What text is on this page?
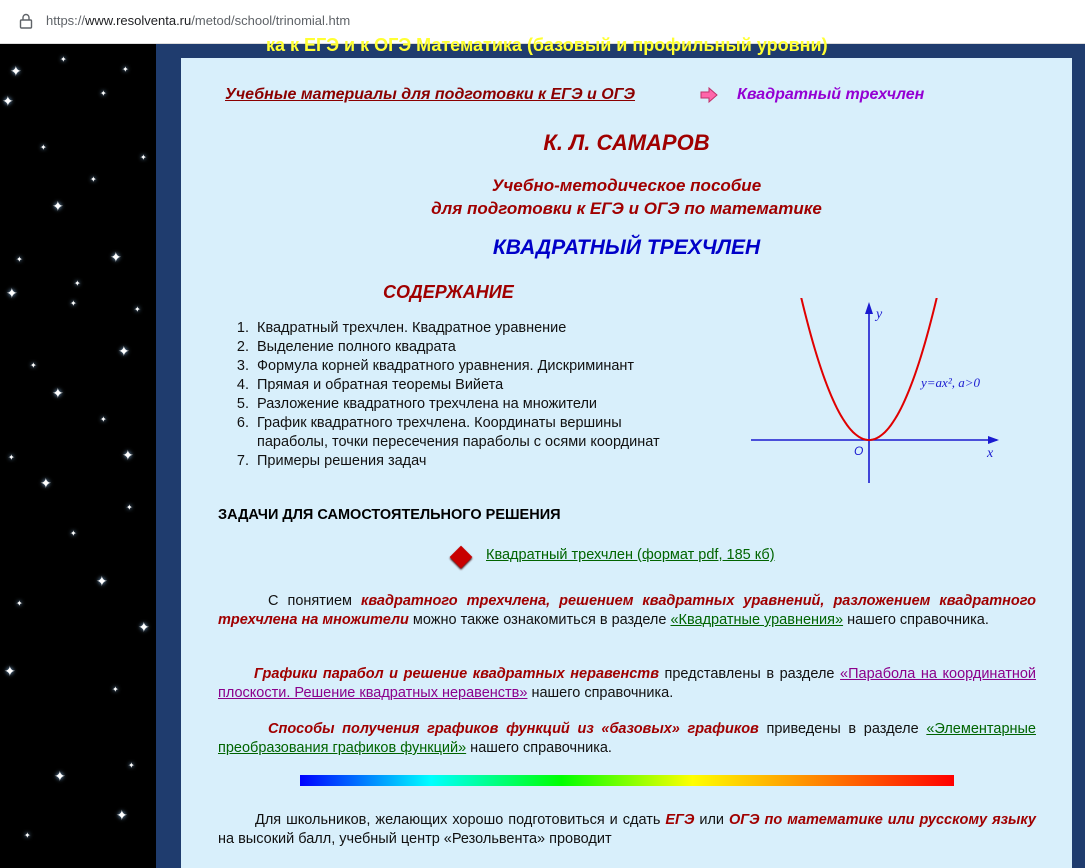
https://www.resolventa.ru/metod/school/trinomial.htm
✦
✦
✦
✦	✦
✦
✦
✦
✦
✦
✦
✦
✦
✦
✦
✦
✦
✦
✦
✦
✦
✦
✦
✦
✦
✦
✦
✦
✦
✦
✦
✦
✦
ка к ЕГЭ и к ОГЭ Математика (базовый и профильный уровни)
Учебные материалы для подготовки к ЕГЭ и ОГЭ	Квадратный трехчлен
К. Л. САМАРОВ
Учебно-методическое пособие
для подготовки к ЕГЭ и ОГЭ по математике
КВАДРАТНЫЙ ТРЕХЧЛЕН
СОДЕРЖАНИЕ
1. Квадратный трехчлен. Квадратное уравнение
2. Выделение полного квадрата
3. Формула корней квадратного уравнения. Дискриминант
4. Прямая и обратная теоремы Вийета
5. Разложение квадратного трехчлена на множители
6. График квадратного трехчлена. Координаты вершины параболы, точки пересечения параболы с осями координат
7. Примеры решения задач
y
x
O
y=ax², a>0
ЗАДАЧИ ДЛЯ САМОСТОЯТЕЛЬНОГО РЕШЕНИЯ
Квадратный трехчлен (формат pdf, 185 кб)

С понятием квадратного трехчлена, решением квадратных уравнений, разложением квадратного трехчлена на множители можно также ознакомиться в разделе «Квадратные уравнения» нашего справочника.

Графики парабол и решение квадратных неравенств представлены в разделе «Парабола на координатной плоскости. Решение квадратных неравенств» нашего справочника.

Способы получения графиков функций из «базовых» графиков приведены в разделе «Элементарные преобразования графиков функций» нашего справочника.

Для школьников, желающих хорошо подготовиться и сдать ЕГЭ или ОГЭ по математике или русскому языку на высокий балл, учебный центр «Резольвента» проводит
